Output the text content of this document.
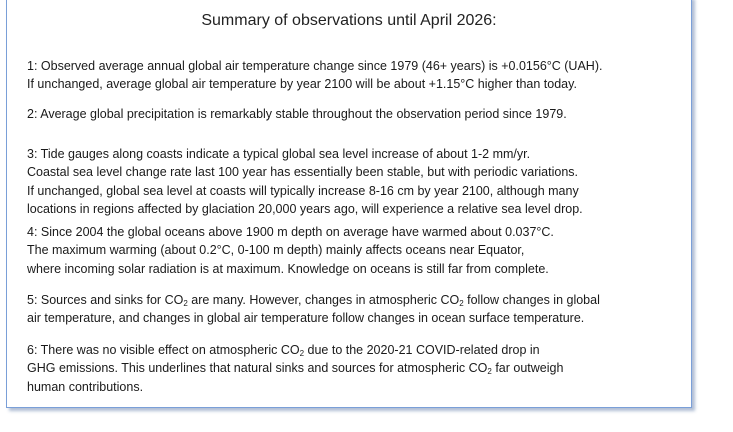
Summary of observations until April 2026:
1: Observed average annual global air temperature change since 1979 (46+ years) is +0.0156°C (UAH).
If unchanged, average global air temperature by year 2100 will be about +1.15°C higher than today.
2: Average global precipitation is remarkably stable throughout the observation period since 1979.
3: Tide gauges along coasts indicate a typical global sea level increase of about 1-2 mm/yr.
Coastal sea level change rate last 100 year has essentially been stable, but with periodic variations.
If unchanged, global sea level at coasts will typically increase 8-16 cm by year 2100, although many
locations in regions affected by glaciation 20,000 years ago, will experience a relative sea level drop.
4: Since 2004 the global oceans above 1900 m depth on average have warmed about 0.037°C.
The maximum warming (about 0.2°C, 0-100 m depth) mainly affects oceans near Equator,
where incoming solar radiation is at maximum. Knowledge on oceans is still far from complete.
5: Sources and sinks for $CO_2$ are many. However, changes in atmospheric $CO_2$ follow changes in global
air temperature, and changes in global air temperature follow changes in ocean surface temperature.
6: There was no visible effect on atmospheric $CO_2$ due to the 2020-21 COVID-related drop in
GHG emissions. This underlines that natural sinks and sources for atmospheric $CO_2$ far outweigh
human contributions.
